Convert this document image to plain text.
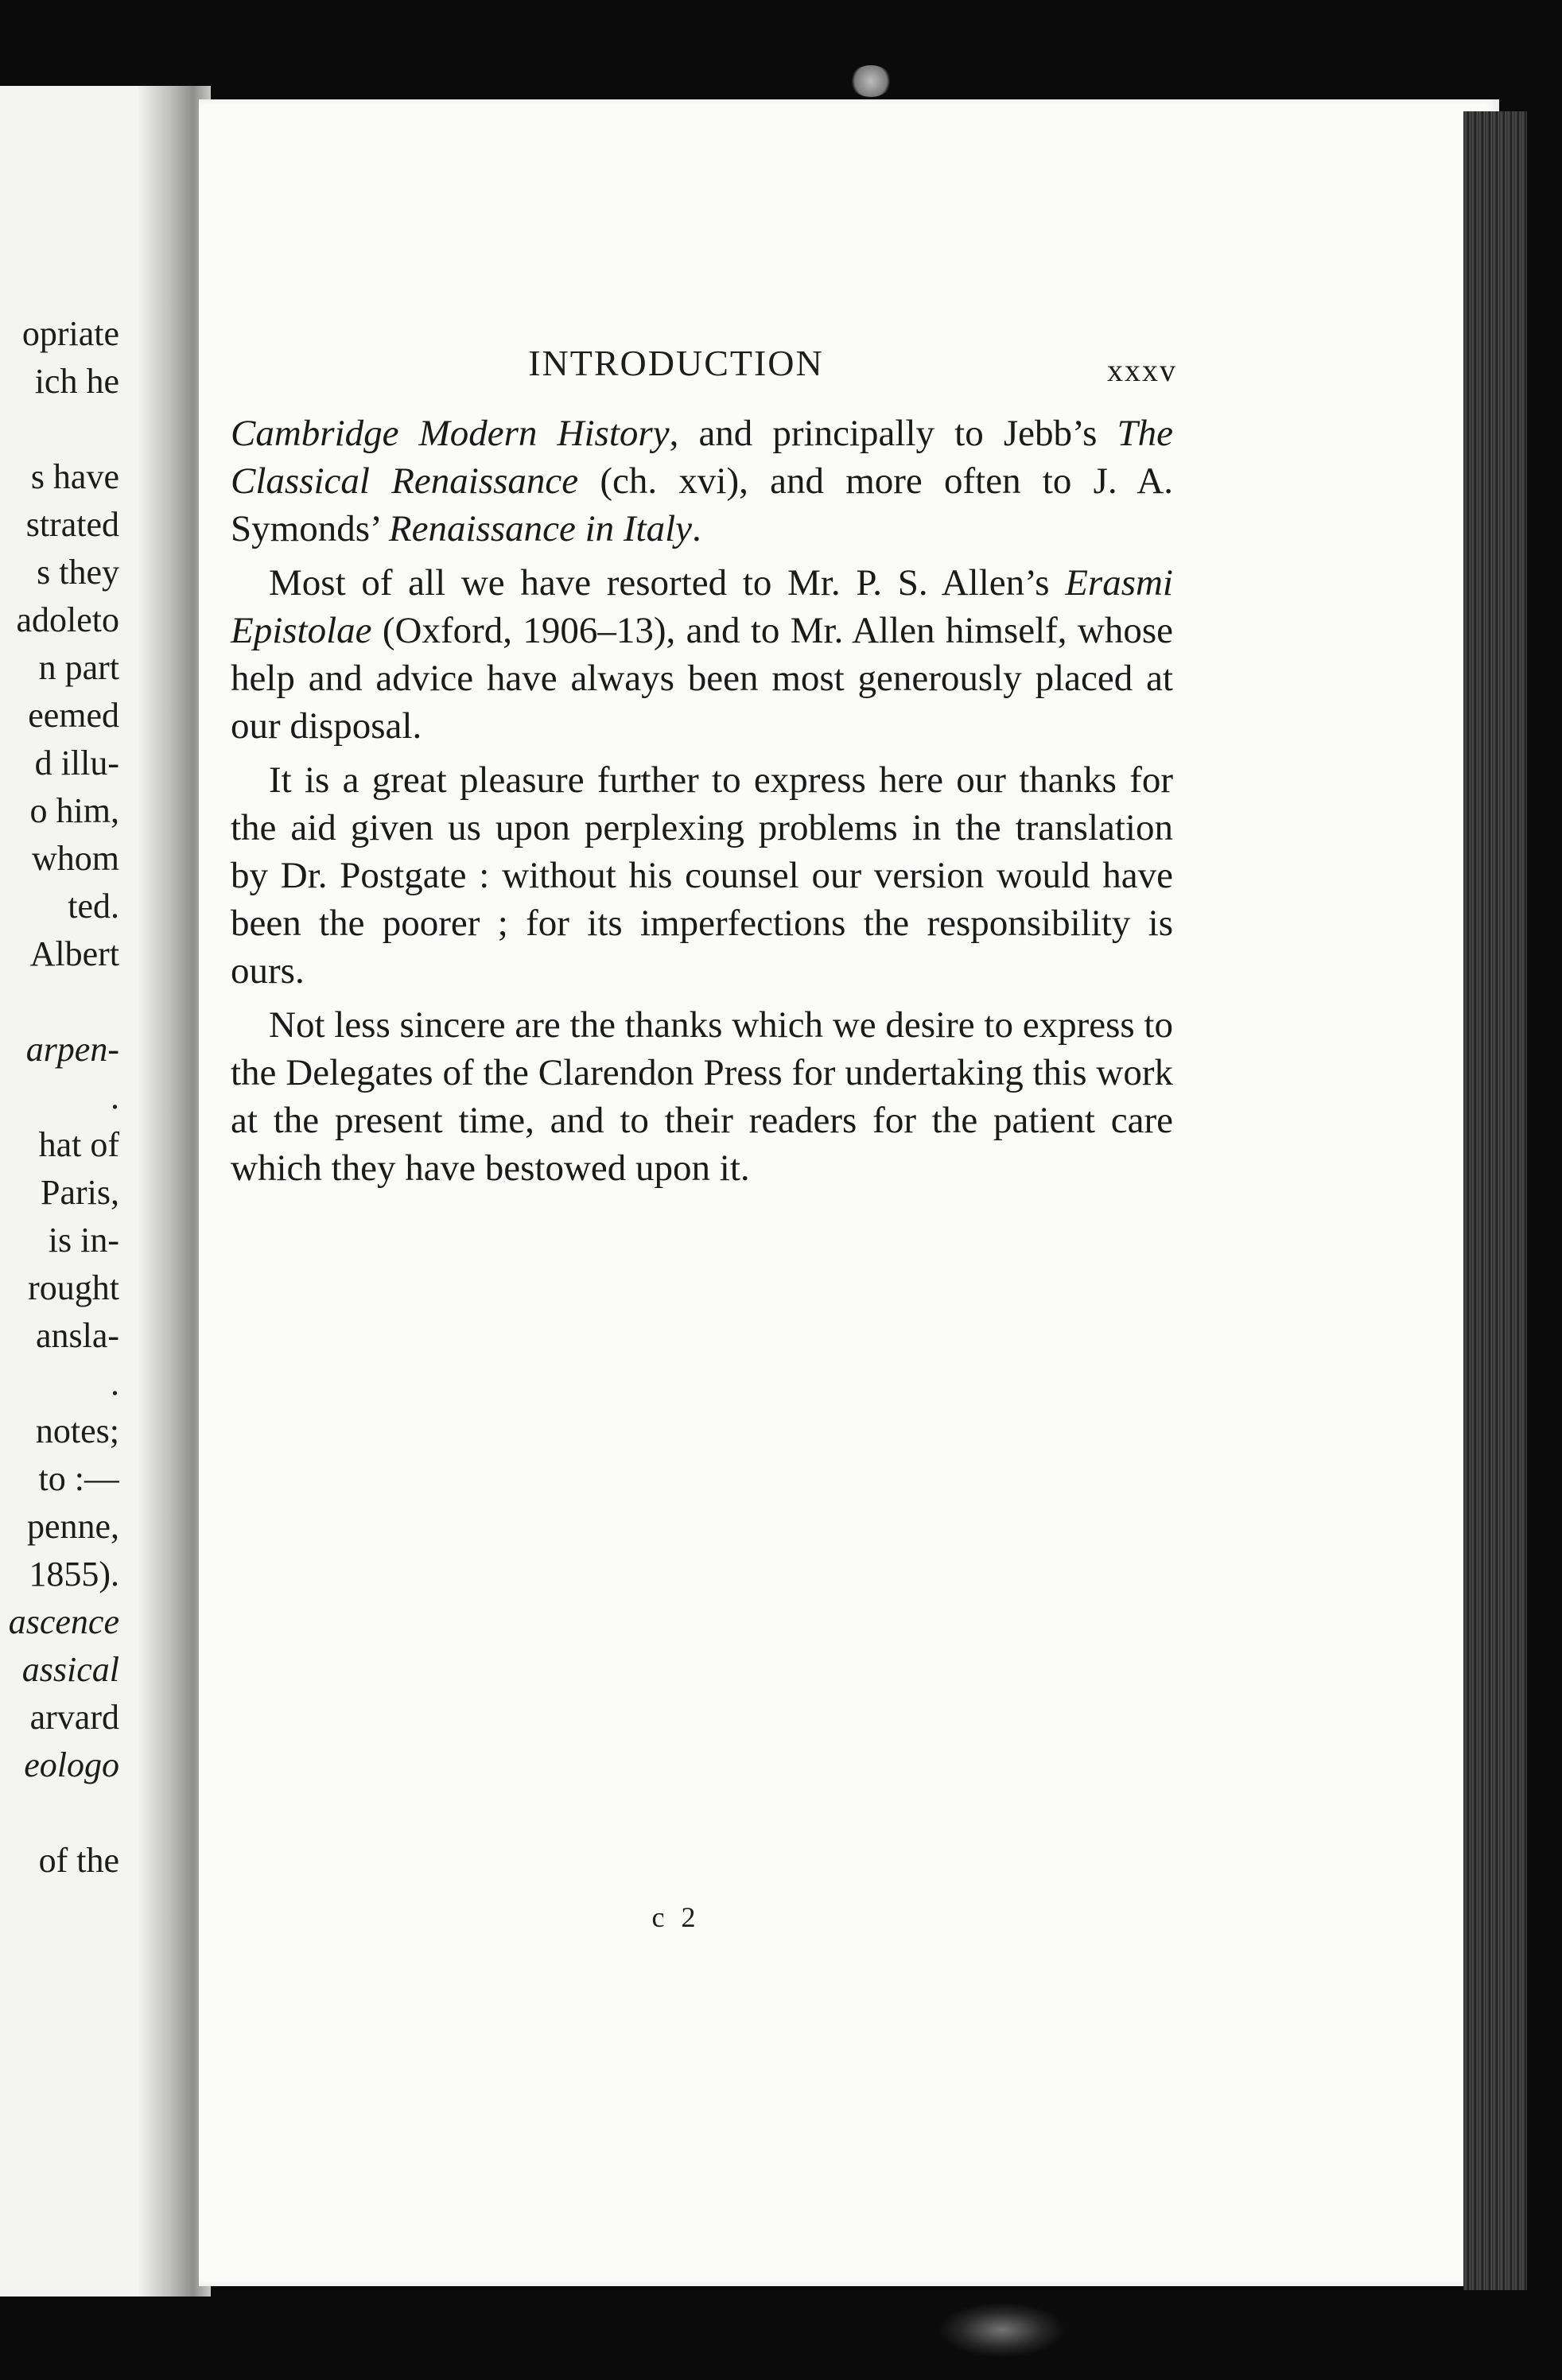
opriate
ich he
s have
strated
s they
adoleto
n part
eemed
d illu-
o him,
whom
ted.
Albert
arpen-
.
hat of
Paris,
is in-
rought
ansla-
.
notes;
to :—
penne,
1855).
ascence
assical
arvard
eologo
of the
INTRODUCTION	xxxv

Cambridge Modern History, and principally to Jebb’s The Classical Renaissance (ch. xvi), and more often to J. A. Symonds’ Renaissance in Italy.

Most of all we have resorted to Mr. P. S. Allen’s Erasmi Epistolae (Oxford, 1906–13), and to Mr. Allen himself, whose help and advice have always been most generously placed at our disposal.

It is a great pleasure further to express here our thanks for the aid given us upon perplexing problems in the translation by Dr. Postgate : without his counsel our version would have been the poorer ; for its imperfections the responsibility is ours.

Not less sincere are the thanks which we desire to express to the Delegates of the Clarendon Press for undertaking this work at the present time, and to their readers for the patient care which they have bestowed upon it.

c 2
